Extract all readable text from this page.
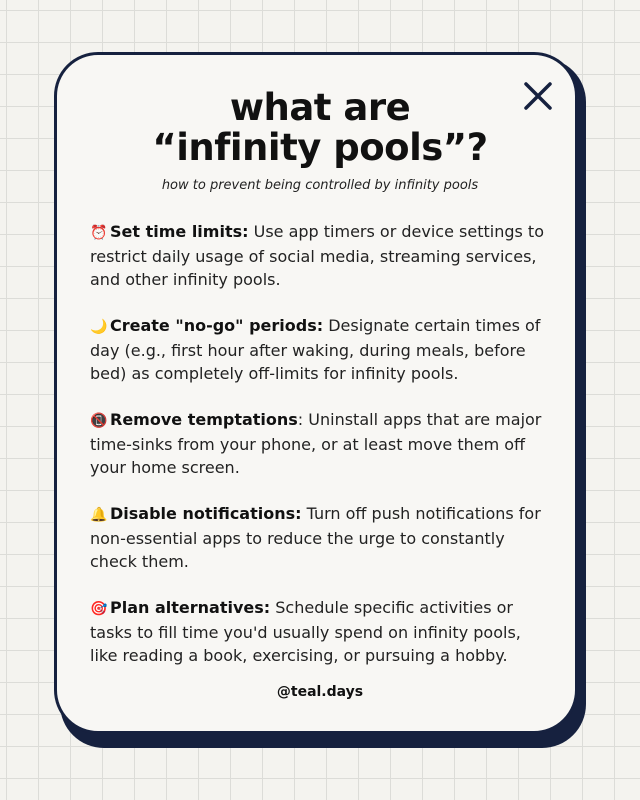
what are
“infinity pools”?
how to prevent being controlled by infinity pools

⏰ Set time limits: Use app timers or device settings to restrict daily usage of social media, streaming services, and other infinity pools.

🌙 Create "no-go" periods: Designate certain times of day (e.g., first hour after waking, during meals, before bed) as completely off-limits for infinity pools.

📵 Remove temptations: Uninstall apps that are major time-sinks from your phone, or at least move them off your home screen.

🔔 Disable notifications: Turn off push notifications for non-essential apps to reduce the urge to constantly check them.

🎯 Plan alternatives: Schedule specific activities or tasks to fill time you'd usually spend on infinity pools, like reading a book, exercising, or pursuing a hobby.

@teal.days
